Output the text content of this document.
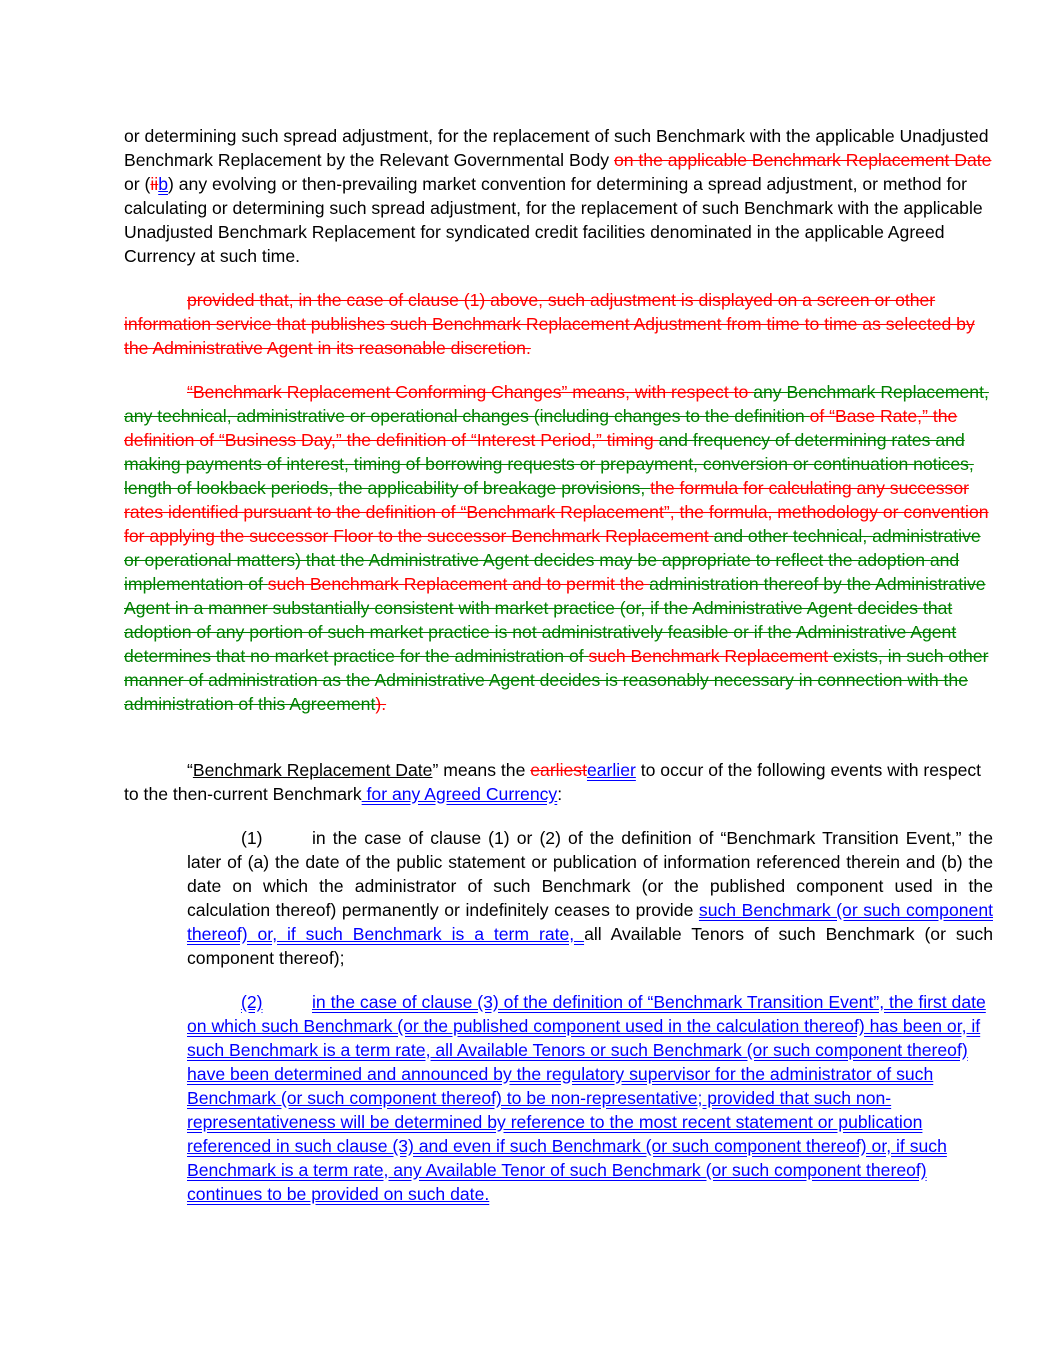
or determining such spread adjustment, for the replacement of such Benchmark with the applicable Unadjusted Benchmark Replacement by the Relevant Governmental Body on the applicable Benchmark Replacement Date or (iib) any evolving or then-prevailing market convention for determining a spread adjustment, or method for calculating or determining such spread adjustment, for the replacement of such Benchmark with the applicable Unadjusted Benchmark Replacement for syndicated credit facilities denominated in the applicable Agreed Currency at such time.

provided that, in the case of clause (1) above, such adjustment is displayed on a screen or other information service that publishes such Benchmark Replacement Adjustment from time to time as selected by the Administrative Agent in its reasonable discretion.

“Benchmark Replacement Conforming Changes” means, with respect to any Benchmark Replacement, any technical, administrative or operational changes (including changes to the definition of “Base Rate,” the definition of “Business Day,” the definition of “Interest Period,” timing and frequency of determining rates and making payments of interest, timing of borrowing requests or prepayment, conversion or continuation notices, length of lookback periods, the applicability of breakage provisions, the formula for calculating any successor rates identified pursuant to the definition of “Benchmark Replacement”, the formula, methodology or convention for applying the successor Floor to the successor Benchmark Replacement and other technical, administrative or operational matters) that the Administrative Agent decides may be appropriate to reflect the adoption and implementation of such Benchmark Replacement and to permit the administration thereof by the Administrative Agent in a manner substantially consistent with market practice (or, if the Administrative Agent decides that adoption of any portion of such market practice is not administratively feasible or if the Administrative Agent determines that no market practice for the administration of such Benchmark Replacement exists, in such other manner of administration as the Administrative Agent decides is reasonably necessary in connection with the administration of this Agreement).

“Benchmark Replacement Date” means the earliestearlier to occur of the following events with respect to the then-current Benchmark for any Agreed Currency:

(1)	in the case of clause (1) or (2) of the definition of “Benchmark Transition Event,” the later of (a) the date of the public statement or publication of information referenced therein and (b) the date on which the administrator of such Benchmark (or the published component used in the calculation thereof) permanently or indefinitely ceases to provide such Benchmark (or such component thereof) or, if such Benchmark is a term rate, all Available Tenors of such Benchmark (or such component thereof);

(2)	in the case of clause (3) of the definition of “Benchmark Transition Event”, the first date on which such Benchmark (or the published component used in the calculation thereof) has been or, if such Benchmark is a term rate, all Available Tenors or such Benchmark (or such component thereof) have been determined and announced by the regulatory supervisor for the administrator of such Benchmark (or such component thereof) to be non-representative; provided that such non-representativeness will be determined by reference to the most recent statement or publication referenced in such clause (3) and even if such Benchmark (or such component thereof) or, if such Benchmark is a term rate, any Available Tenor of such Benchmark (or such component thereof) continues to be provided on such date.
